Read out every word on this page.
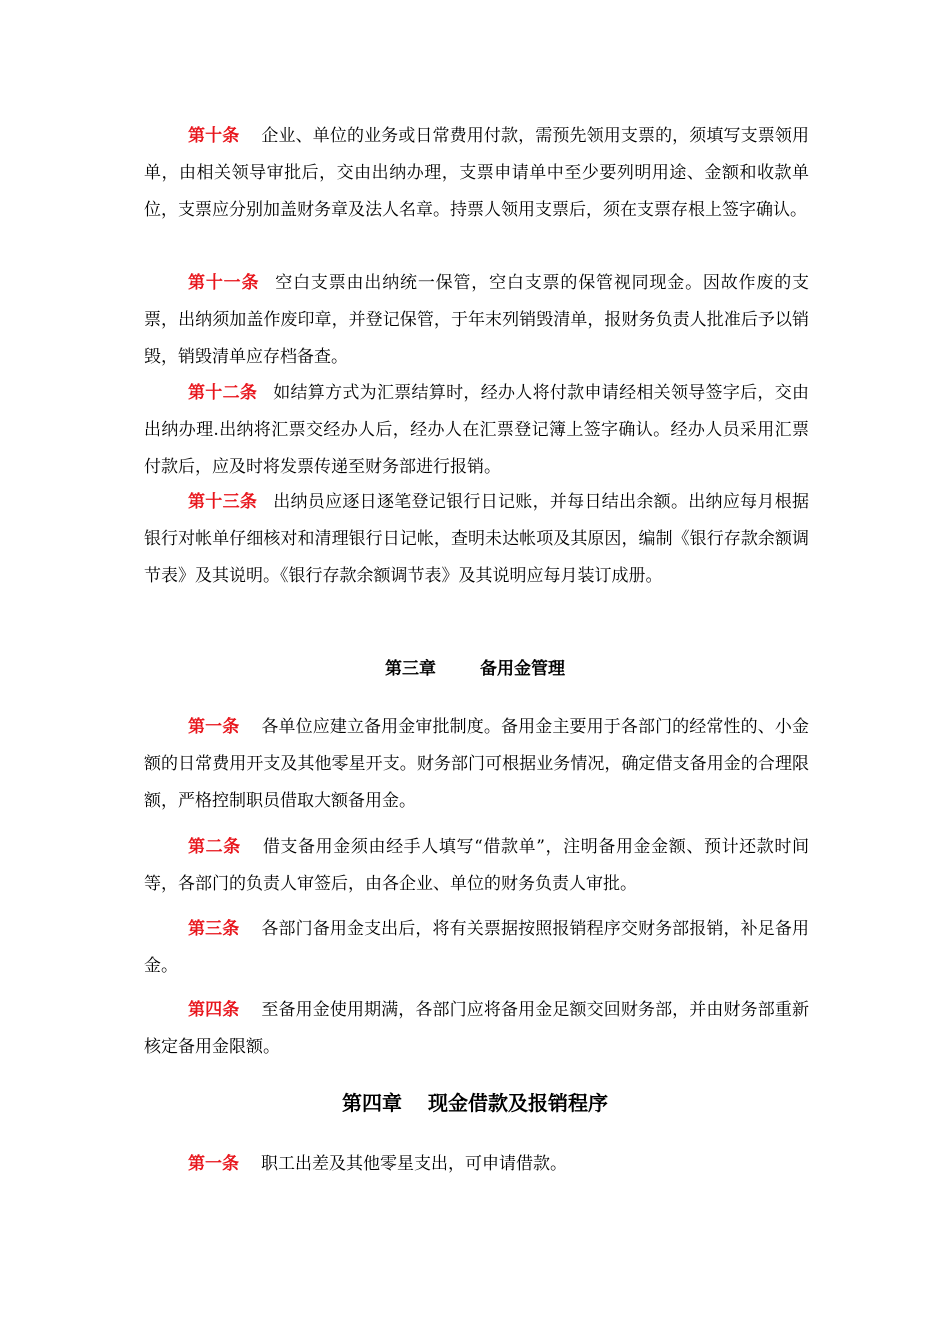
第十条 企业、单位的业务或日常费用付款，需预先领用支票的，须填写支票领用单，由相关领导审批后，交由出纳办理，支票申请单中至少要列明用途、金额和收款单位，支票应分别加盖财务章及法人名章。持票人领用支票后，须在支票存根上签字确认。

第十一条 空白支票由出纳统一保管，空白支票的保管视同现金。因故作废的支票，出纳须加盖作废印章，并登记保管，于年末列销毁清单，报财务负责人批准后予以销毁，销毁清单应存档备查。

第十二条 如结算方式为汇票结算时，经办人将付款申请经相关领导签字后，交由出纳办理.出纳将汇票交经办人后，经办人在汇票登记簿上签字确认。经办人员采用汇票付款后，应及时将发票传递至财务部进行报销。

第十三条 出纳员应逐日逐笔登记银行日记账，并每日结出余额。出纳应每月根据银行对帐单仔细核对和清理银行日记帐，查明未达帐项及其原因，编制《银行存款余额调节表》及其说明。《银行存款余额调节表》及其说明应每月装订成册。

第三章	备用金管理

第一条 各单位应建立备用金审批制度。备用金主要用于各部门的经常性的、小金额的日常费用开支及其他零星开支。财务部门可根据业务情况，确定借支备用金的合理限额，严格控制职员借取大额备用金。

第二条 借支备用金须由经手人填写“借款单”，注明备用金金额、预计还款时间等，各部门的负责人审签后，由各企业、单位的财务负责人审批。

第三条 各部门备用金支出后，将有关票据按照报销程序交财务部报销，补足备用金。

第四条 至备用金使用期满，各部门应将备用金足额交回财务部，并由财务部重新核定备用金限额。

第四章 现金借款及报销程序

第一条 职工出差及其他零星支出，可申请借款。
